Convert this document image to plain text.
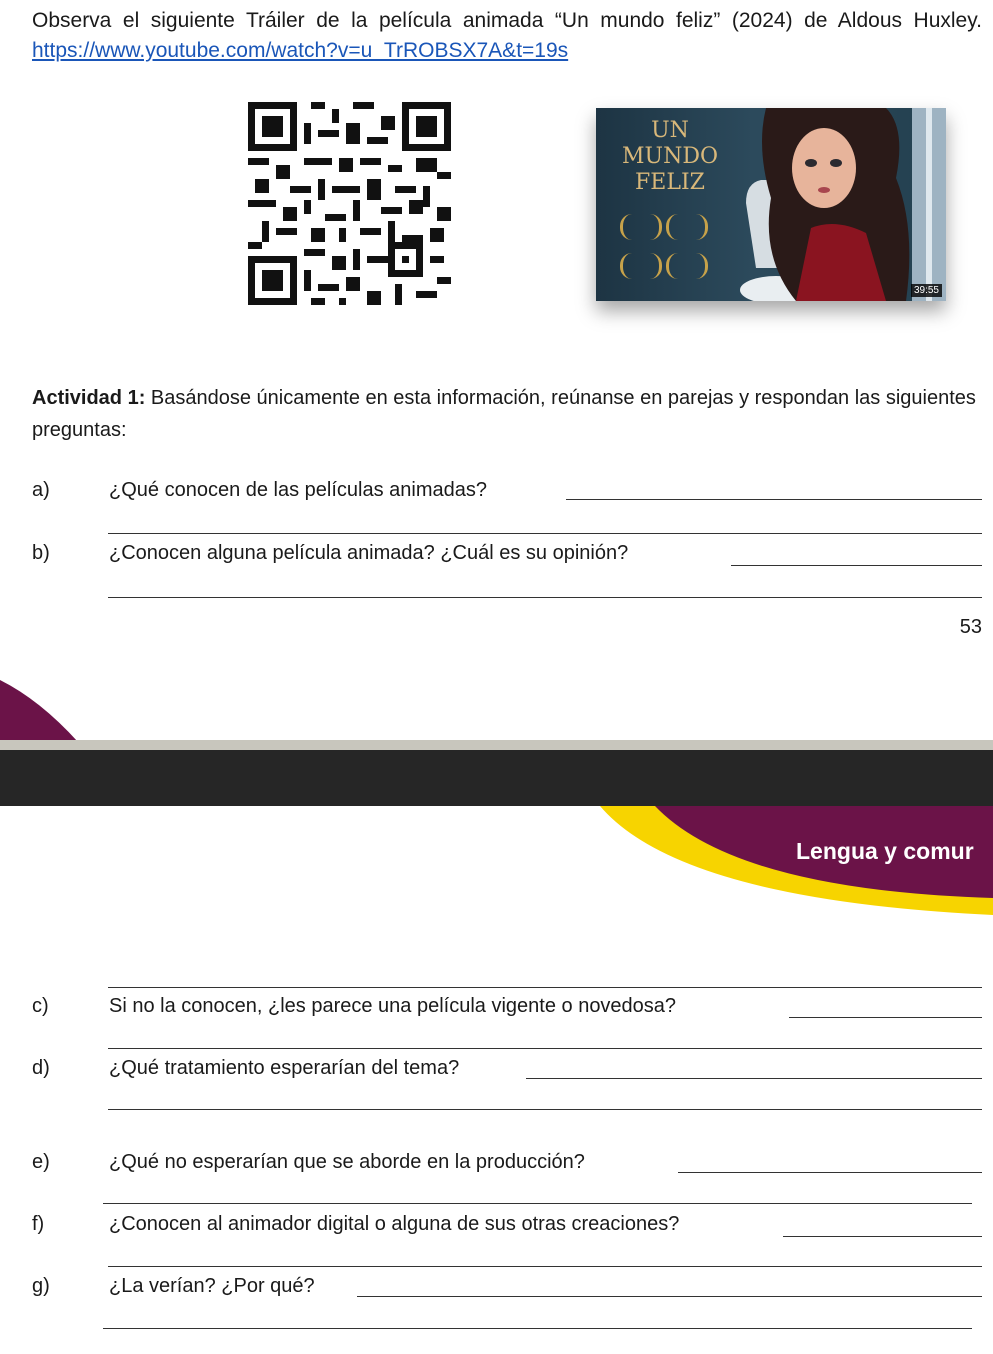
Observa el siguiente Tráiler de la película animada “Un mundo feliz” (2024) de Aldous Huxley. https://www.youtube.com/watch?v=u_TrROBSX7A&t=19s
UN
MUNDO
FELIZ
39:55
Actividad 1: Basándose únicamente en esta información, reúnanse en parejas y respondan las siguientes preguntas:
a)	¿Qué conocen de las películas animadas?
b)	¿Conocen alguna película animada? ¿Cuál es su opinión?
53
Lengua y comur
c)	Si no la conocen, ¿les parece una película vigente o novedosa?
d)	¿Qué tratamiento esperarían del tema?
e)	¿Qué no esperarían que se aborde en la producción?
f)	¿Conocen al animador digital o alguna de sus otras creaciones?
g)	¿La verían? ¿Por qué?
